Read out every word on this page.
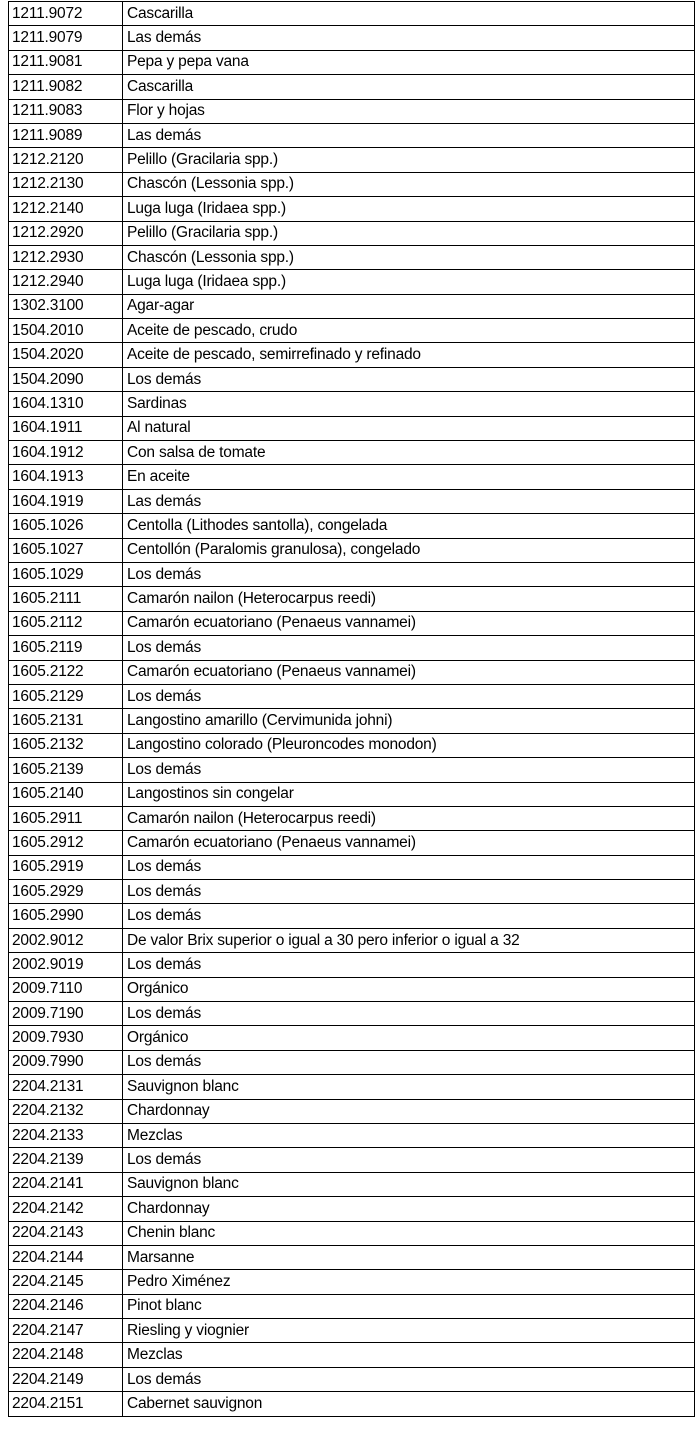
1211.9072	Cascarilla
1211.9079	Las demás
1211.9081	Pepa y pepa vana
1211.9082	Cascarilla
1211.9083	Flor y hojas
1211.9089	Las demás
1212.2120	Pelillo (Gracilaria spp.)
1212.2130	Chascón (Lessonia spp.)
1212.2140	Luga luga (Iridaea spp.)
1212.2920	Pelillo (Gracilaria spp.)
1212.2930	Chascón (Lessonia spp.)
1212.2940	Luga luga (Iridaea spp.)
1302.3100	Agar-agar
1504.2010	Aceite de pescado, crudo
1504.2020	Aceite de pescado, semirrefinado y refinado
1504.2090	Los demás
1604.1310	Sardinas
1604.1911	Al natural
1604.1912	Con salsa de tomate
1604.1913	En aceite
1604.1919	Las demás
1605.1026	Centolla (Lithodes santolla), congelada
1605.1027	Centollón (Paralomis granulosa), congelado
1605.1029	Los demás
1605.2111	Camarón nailon (Heterocarpus reedi)
1605.2112	Camarón ecuatoriano (Penaeus vannamei)
1605.2119	Los demás
1605.2122	Camarón ecuatoriano (Penaeus vannamei)
1605.2129	Los demás
1605.2131	Langostino amarillo (Cervimunida johni)
1605.2132	Langostino colorado (Pleuroncodes monodon)
1605.2139	Los demás
1605.2140	Langostinos sin congelar
1605.2911	Camarón nailon (Heterocarpus reedi)
1605.2912	Camarón ecuatoriano (Penaeus vannamei)
1605.2919	Los demás
1605.2929	Los demás
1605.2990	Los demás
2002.9012	De valor Brix superior o igual a 30 pero inferior o igual a 32
2002.9019	Los demás
2009.7110	Orgánico
2009.7190	Los demás
2009.7930	Orgánico
2009.7990	Los demás
2204.2131	Sauvignon blanc
2204.2132	Chardonnay
2204.2133	Mezclas
2204.2139	Los demás
2204.2141	Sauvignon blanc
2204.2142	Chardonnay
2204.2143	Chenin blanc
2204.2144	Marsanne
2204.2145	Pedro Ximénez
2204.2146	Pinot blanc
2204.2147	Riesling y viognier
2204.2148	Mezclas
2204.2149	Los demás
2204.2151	Cabernet sauvignon
